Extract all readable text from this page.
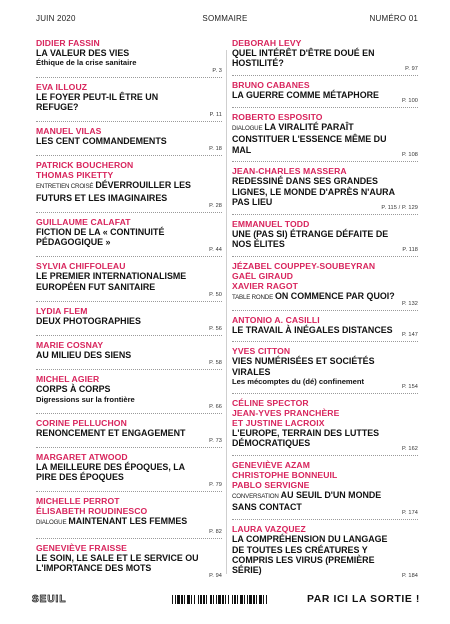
JUIN 2020	SOMMAIRE	NUMÉRO 01
DIDIER FASSIN
LA VALEUR DES VIES
Éthique de la crise sanitaire
P. 3
EVA ILLOUZ
LE FOYER PEUT-IL ÊTRE UN REFUGE?
P. 11
MANUEL VILAS
LES CENT COMMANDEMENTS
P. 18
PATRICK BOUCHERON
THOMAS PIKETTY
ENTRETIEN CROISÉ DÉVERROUILLER LES FUTURS ET LES IMAGINAIRES
P. 28
GUILLAUME CALAFAT
FICTION DE LA « CONTINUITÉ PÉDAGOGIQUE »
P. 44
SYLVIA CHIFFOLEAU
LE PREMIER INTERNATIONALISME EUROPÉEN FUT SANITAIRE
P. 50
LYDIA FLEM
DEUX PHOTOGRAPHIES
P. 56
MARIE COSNAY
AU MILIEU DES SIENS
P. 58
MICHEL AGIER
CORPS À CORPS
Digressions sur la frontière
P. 66
CORINE PELLUCHON
RENONCEMENT ET ENGAGEMENT
P. 73
MARGARET ATWOOD
LA MEILLEURE DES ÉPOQUES, LA PIRE DES ÉPOQUES
P. 79
MICHELLE PERROT
ÉLISABETH ROUDINESCO
DIALOGUE MAINTENANT LES FEMMES
P. 82
GENEVIÈVE FRAISSE
LE SOIN, LE SALE ET LE SERVICE OU L'IMPORTANCE DES MOTS
P. 94
DEBORAH LEVY
QUEL INTÉRÊT D'ÊTRE DOUÉ EN HOSTILITÉ?
P. 97
BRUNO CABANES
LA GUERRE COMME MÉTAPHORE
P. 100
ROBERTO ESPOSITO
DIALOGUE LA VIRALITÉ PARAÎT CONSTITUER L'ESSENCE MÊME DU MAL
P. 108
JEAN-CHARLES MASSERA
REDESSINÉ DANS SES GRANDES LIGNES, LE MONDE D'APRÈS N'AURA PAS LIEU
P. 115 / P. 129
EMMANUEL TODD
UNE (PAS SI) ÉTRANGE DÉFAITE DE NOS ÉLITES
P. 118
JÉZABEL COUPPEY-SOUBEYRAN
GAËL GIRAUD
XAVIER RAGOT
TABLE RONDE ON COMMENCE PAR QUOI?
P. 132
ANTONIO A. CASILLI
LE TRAVAIL À INÉGALES DISTANCES
P. 147
YVES CITTON
VIES NUMÉRISÉES ET SOCIÉTÉS VIRALES
Les mécomptes du (dé) confinement
P. 154
CÉLINE SPECTOR
JEAN-YVES PRANCHÈRE
ET JUSTINE LACROIX
L'EUROPE, TERRAIN DES LUTTES DÉMOCRATIQUES
P. 162
GENEVIÈVE AZAM
CHRISTOPHE BONNEUIL
PABLO SERVIGNE
CONVERSATION AU SEUIL D'UN MONDE SANS CONTACT
P. 174
LAURA VAZQUEZ
LA COMPRÉHENSION DU LANGAGE DE TOUTES LES CRÉATURES Y COMPRIS LES VIRUS (PREMIÈRE SÉRIE)
P. 184
SEUIL	PAR ICI LA SORTIE !
